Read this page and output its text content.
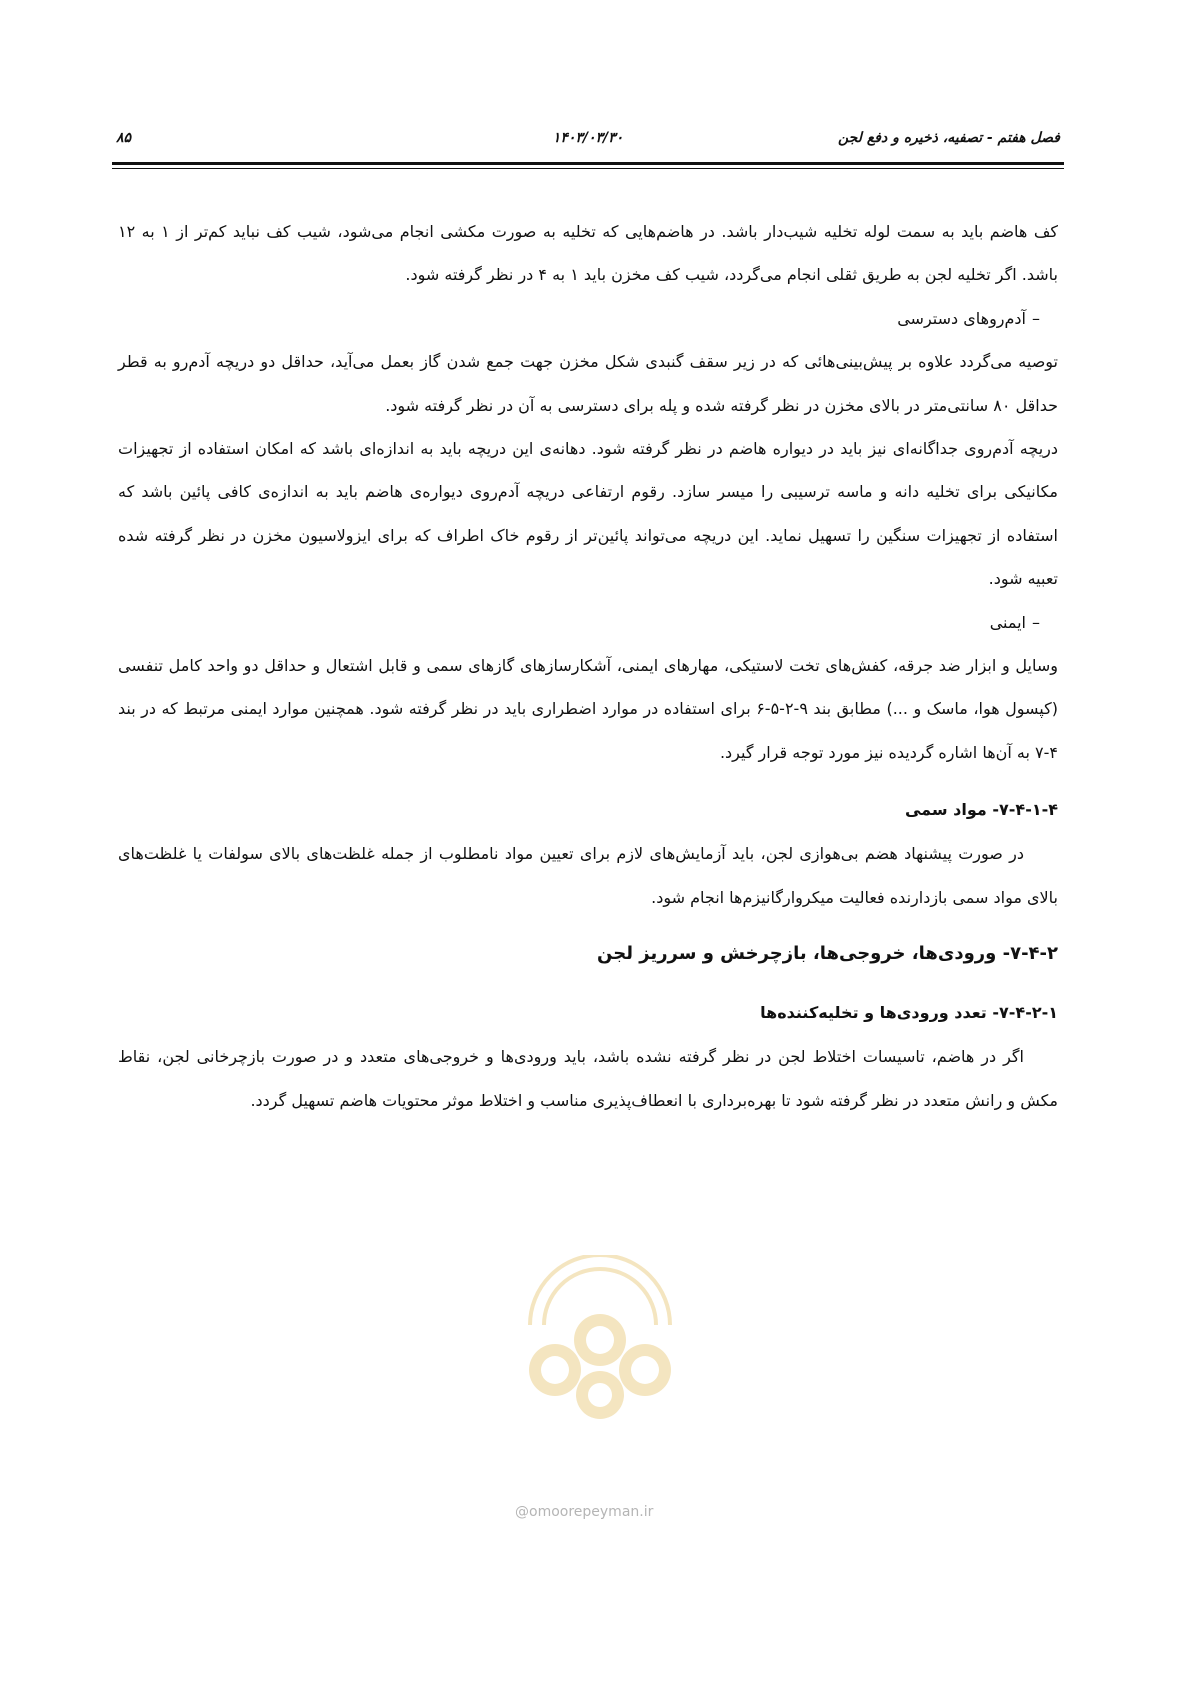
فصل هفتم - تصفیه، ذخیره و دفع لجن
۱۴۰۳/۰۳/۳۰
۸۵

کف هاضم باید به سمت لوله تخلیه شیب‌دار باشد. در هاضم‌هایی که تخلیه به صورت مکشی انجام می‌شود، شیب کف نباید کم‌تر از ۱ به ۱۲ باشد. اگر تخلیه لجن به طریق ثقلی انجام می‌گردد، شیب کف مخزن باید ۱ به ۴ در نظر گرفته شود.

–
آدم‌روهای دسترسی

توصیه می‌گردد علاوه بر پیش‌بینی‌هائی که در زیر سقف گنبدی شکل مخزن جهت جمع شدن گاز بعمل می‌آید، حداقل دو دریچه آدم‌رو به قطر حداقل ۸۰ سانتی‌متر در بالای مخزن در نظر گرفته شده و پله برای دسترسی به آن در نظر گرفته شود.

دریچه آدم‌روی جداگانه‌ای نیز باید در دیواره هاضم در نظر گرفته شود. دهانه‌ی این دریچه باید به اندازه‌ای باشد که امکان استفاده از تجهیزات مکانیکی برای تخلیه دانه و ماسه ترسیبی را میسر سازد. رقوم ارتفاعی دریچه آدم‌روی دیواره‌ی هاضم باید به اندازه‌ی کافی پائین باشد که استفاده از تجهیزات سنگین را تسهیل نماید. این دریچه می‌تواند پائین‌تر از رقوم خاک اطراف که برای ایزولاسیون مخزن در نظر گرفته شده تعبیه شود.

–
ایمنی

وسایل و ابزار ضد جرقه، کفش‌های تخت لاستیکی، مهارهای ایمنی، آشکارسازهای گازهای سمی و قابل اشتعال و حداقل دو واحد کامل تنفسی (کپسول هوا، ماسک و ...) مطابق بند ۹-۲-۵-۶ برای استفاده در موارد اضطراری باید در نظر گرفته شود. همچنین موارد ایمنی مرتبط که در بند ۴-۷ به آن‌ها اشاره گردیده نیز مورد توجه قرار گیرد.

۷-۴-۱-۴- مواد سمی

در صورت پیشنهاد هضم بی‌هوازی لجن، باید آزمایش‌های لازم برای تعیین مواد نامطلوب از جمله غلظت‌های بالای سولفات یا غلظت‌های بالای مواد سمی بازدارنده فعالیت میکروارگانیزم‌ها انجام شود.

۷-۴-۲- ورودی‌ها، خروجی‌ها، بازچرخش و سرریز لجن
۷-۴-۲-۱- تعدد ورودی‌ها و تخلیه‌کننده‌ها

اگر در هاضم، تاسیسات اختلاط لجن در نظر گرفته نشده باشد، باید ورودی‌ها و خروجی‌های متعدد و در صورت بازچرخانی لجن، نقاط مکش و رانش متعدد در نظر گرفته شود تا بهره‌برداری با انعطاف‌پذیری مناسب و اختلاط موثر محتویات هاضم تسهیل گردد.

@omoorepeyman.ir
